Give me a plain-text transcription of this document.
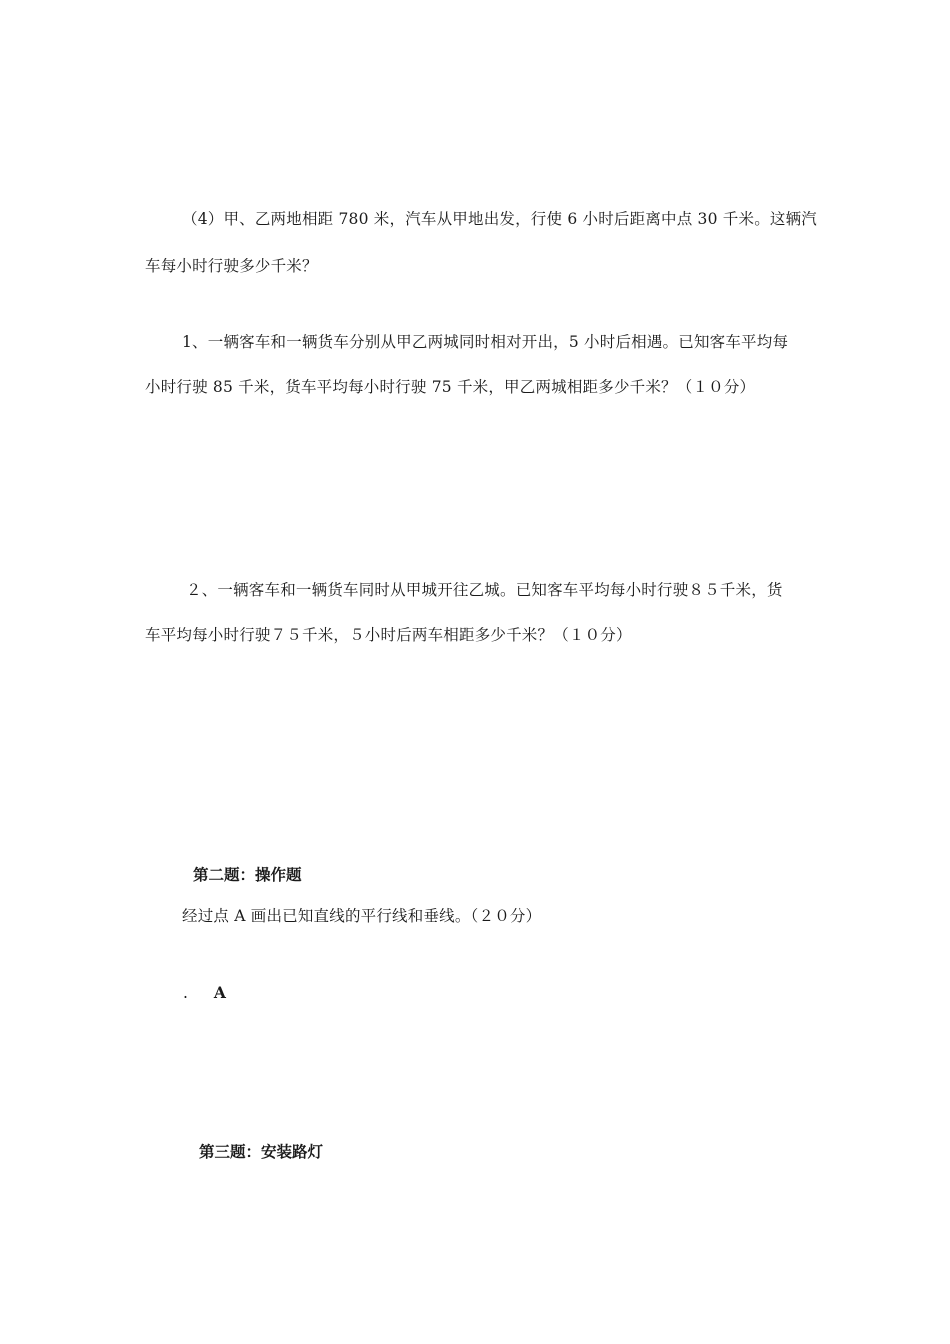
（4）甲、乙两地相距 780 米，汽车从甲地出发，行使 6 小时后距离中点 30 千米。这辆汽
车每小时行驶多少千米？
1、一辆客车和一辆货车分别从甲乙两城同时相对开出，5 小时后相遇。已知客车平均每
小时行驶 85 千米，货车平均每小时行驶 75 千米，甲乙两城相距多少千米？（１０分）
２、一辆客车和一辆货车同时从甲城开往乙城。已知客车平均每小时行驶８５千米，货
车平均每小时行驶７５千米，５小时后两车相距多少千米？（１０分）
第二题：操作题
经过点 A 画出已知直线的平行线和垂线。（２０分）
. A
第三题：安装路灯
